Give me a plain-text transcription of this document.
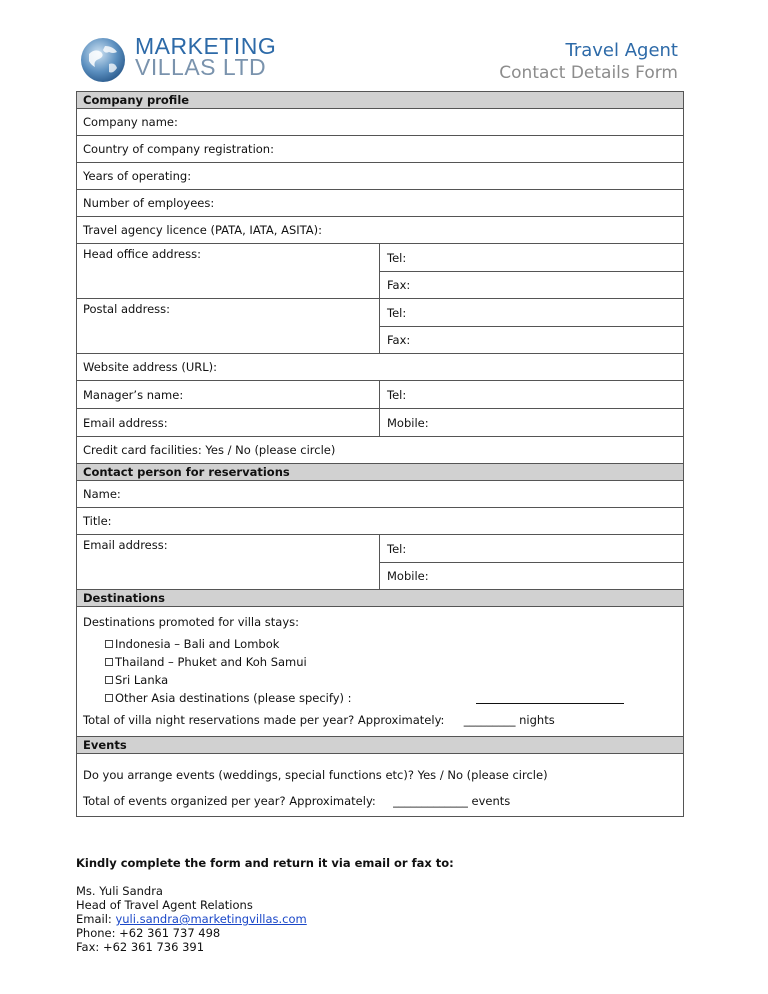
MARKETING
VILLAS LTD
Travel Agent
Contact Details Form
Company profile
Company name:
Country of company registration:
Years of operating:
Number of employees:
Travel agency licence (PATA, IATA, ASITA):
Head office address:	Tel:
Fax:
Postal address:	Tel:
Fax:
Website address (URL):
Manager’s name:	Tel:
Email address:	Mobile:
Credit card facilities: Yes / No (please circle)
Contact person for reservations
Name:
Title:
Email address:	Tel:
Mobile:
Destinations
Destinations promoted for villa stays:
Indonesia – Bali and Lombok
Thailand – Phuket and Koh Samui
Sri Lanka
Other Asia destinations (please specify) :
Total of villa night reservations made per year? Approximately: _________ nights
Events

Do you arrange events (weddings, special functions etc)? Yes / No (please circle)

Total of events organized per year? Approximately: _____________ events

Kindly complete the form and return it via email or fax to:
Ms. Yuli Sandra
Head of Travel Agent Relations
Email: yuli.sandra@marketingvillas.com
Phone: +62 361 737 498
Fax: +62 361 736 391
